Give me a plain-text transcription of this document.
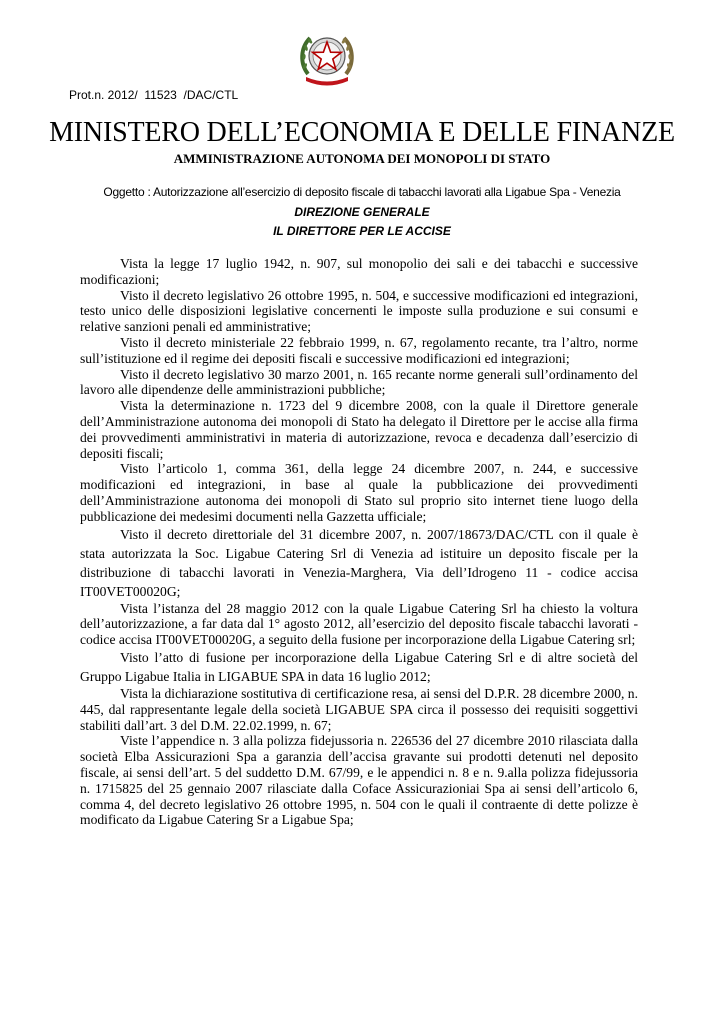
Prot.n. 2012/  11523  /DAC/CTL
MINISTERO DELL’ECONOMIA E DELLE FINANZE
AMMINISTRAZIONE AUTONOMA DEI MONOPOLI DI STATO
Oggetto : Autorizzazione all’esercizio di deposito fiscale di tabacchi lavorati alla Ligabue Spa - Venezia
DIREZIONE GENERALE
IL DIRETTORE PER LE ACCISE

Vista la legge 17 luglio 1942, n. 907, sul monopolio dei sali e dei tabacchi e successive modificazioni;

Visto il decreto legislativo 26 ottobre 1995, n. 504, e successive modificazioni ed integrazioni, testo unico delle disposizioni legislative concernenti le imposte sulla produzione e sui consumi e relative sanzioni penali ed amministrative;

Visto il decreto ministeriale 22 febbraio 1999, n. 67, regolamento recante, tra l’altro, norme sull’istituzione ed il regime dei depositi fiscali e successive modificazioni ed integrazioni;

Visto il decreto legislativo 30 marzo 2001, n. 165 recante norme generali sull’ordinamento del lavoro alle dipendenze delle amministrazioni pubbliche;

Vista la determinazione n. 1723 del 9 dicembre 2008, con la quale il Direttore generale dell’Amministrazione autonoma dei monopoli di Stato ha delegato il Direttore per le accise alla firma dei provvedimenti amministrativi in materia di autorizzazione, revoca e decadenza dall’esercizio di depositi fiscali;

Visto l’articolo 1, comma 361, della legge 24 dicembre 2007, n. 244, e successive modificazioni ed integrazioni, in base al quale la pubblicazione dei provvedimenti dell’Amministrazione autonoma dei monopoli di Stato sul proprio sito internet tiene luogo della pubblicazione dei medesimi documenti nella Gazzetta ufficiale;

Visto il decreto direttoriale del 31 dicembre 2007, n. 2007/18673/DAC/CTL con il quale è stata autorizzata la Soc. Ligabue Catering Srl di Venezia ad istituire un deposito fiscale per la distribuzione di tabacchi lavorati in Venezia-Marghera, Via dell’Idrogeno 11 - codice accisa IT00VET00020G;

Vista l’istanza del 28 maggio 2012 con la quale Ligabue Catering Srl ha chiesto la voltura dell’autorizzazione, a far data dal 1° agosto 2012, all’esercizio del deposito fiscale tabacchi lavorati - codice accisa IT00VET00020G, a seguito della fusione per incorporazione della Ligabue Catering srl;

Visto l’atto di fusione per incorporazione della Ligabue Catering Srl e di altre società del Gruppo Ligabue Italia in LIGABUE SPA in data 16 luglio 2012;

Vista la dichiarazione sostitutiva di certificazione resa, ai sensi del D.P.R. 28 dicembre 2000, n. 445, dal rappresentante legale della società LIGABUE SPA circa il possesso dei requisiti soggettivi stabiliti dall’art. 3 del D.M. 22.02.1999, n. 67;

Viste l’appendice n. 3 alla polizza fidejussoria n. 226536 del 27 dicembre 2010 rilasciata dalla società Elba Assicurazioni Spa a garanzia dell’accisa gravante sui prodotti detenuti nel deposito fiscale, ai sensi dell’art. 5 del suddetto D.M. 67/99, e le appendici n. 8 e n. 9.alla polizza fidejussoria n. 1715825 del 25 gennaio 2007 rilasciate dalla Coface Assicurazioniai Spa ai sensi dell’articolo 6, comma 4, del decreto legislativo 26 ottobre 1995, n. 504 con le quali il contraente di dette polizze è modificato da Ligabue Catering Sr a Ligabue Spa;
